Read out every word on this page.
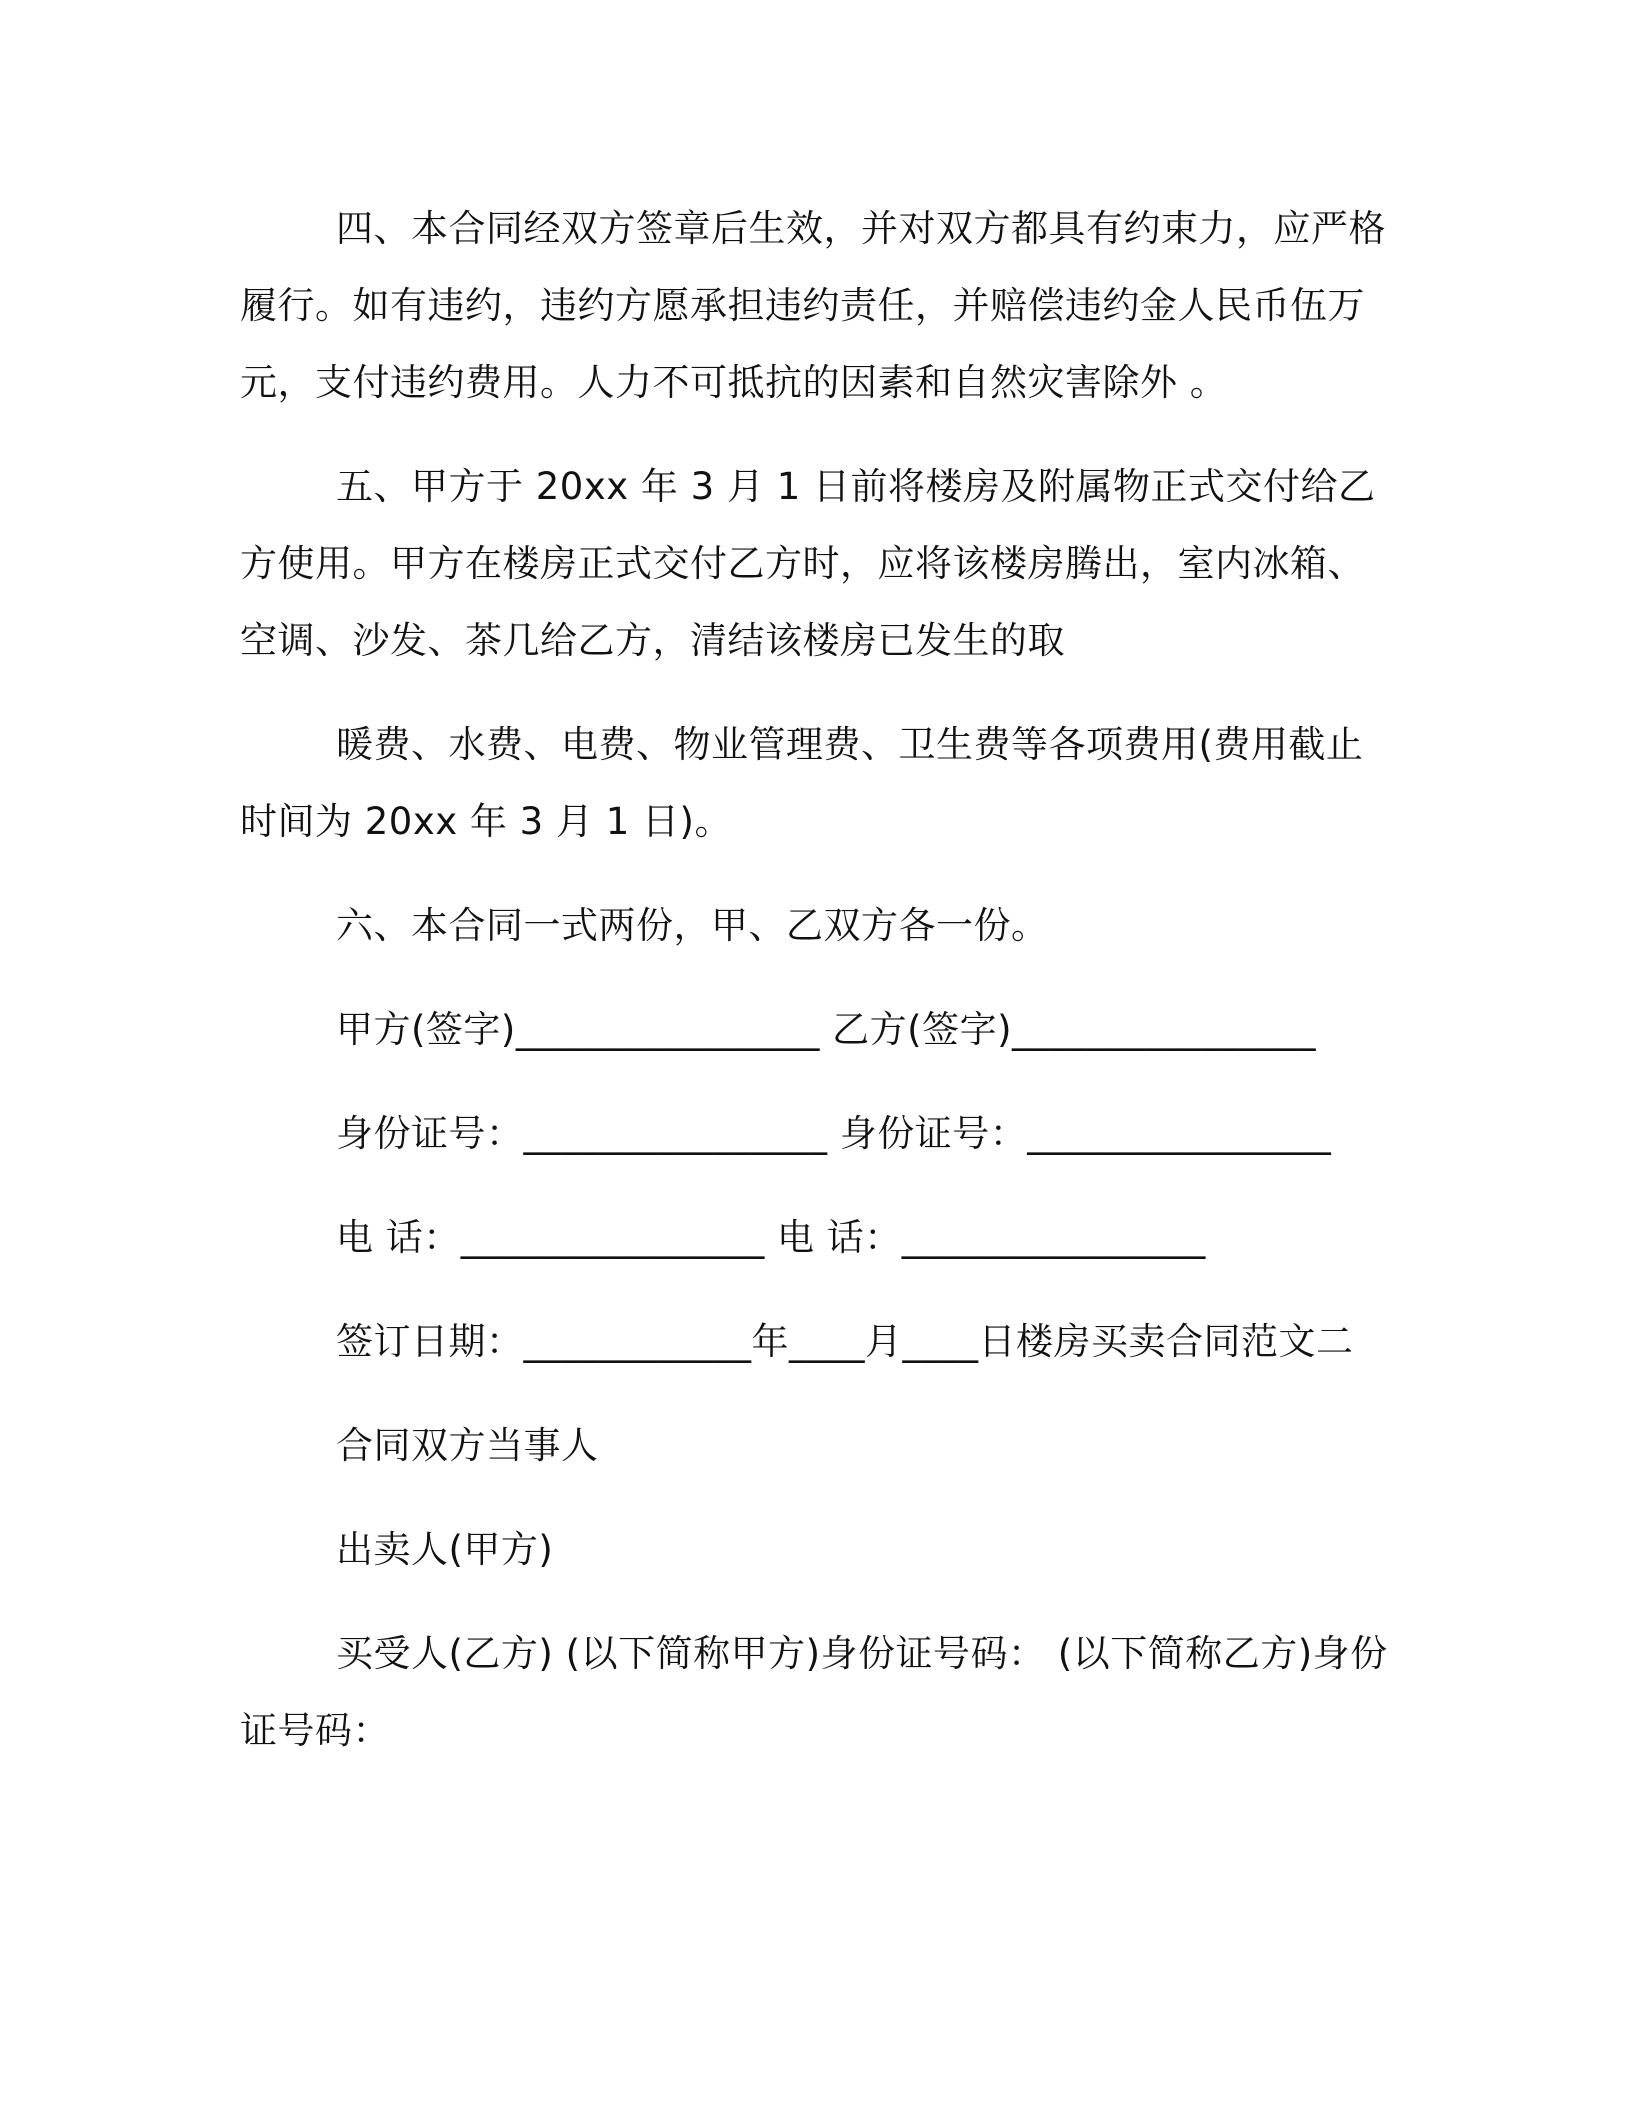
四、本合同经双方签章后生效，并对双方都具有约束力，应严格履行。如有违约，违约方愿承担违约责任，并赔偿违约金人民币伍万元，支付违约费用。人力不可抵抗的因素和自然灾害除外 。

五、甲方于 20xx 年 3 月 1 日前将楼房及附属物正式交付给乙方使用。甲方在楼房正式交付乙方时，应将该楼房腾出，室内冰箱、空调、沙发、茶几给乙方，清结该楼房已发生的取

暖费、水费、电费、物业管理费、卫生费等各项费用(费用截止时间为 20xx 年 3 月 1 日)。

六、本合同一式两份，甲、乙双方各一份。

甲方(签字)________________ 乙方(签字)________________
身份证号：________________ 身份证号：________________
电 话：________________ 电 话：________________
签订日期：____________年____月____日楼房买卖合同范文二
合同双方当事人
出卖人(甲方)

买受人(乙方) (以下简称甲方)身份证号码： (以下简称乙方)身份证号码：
